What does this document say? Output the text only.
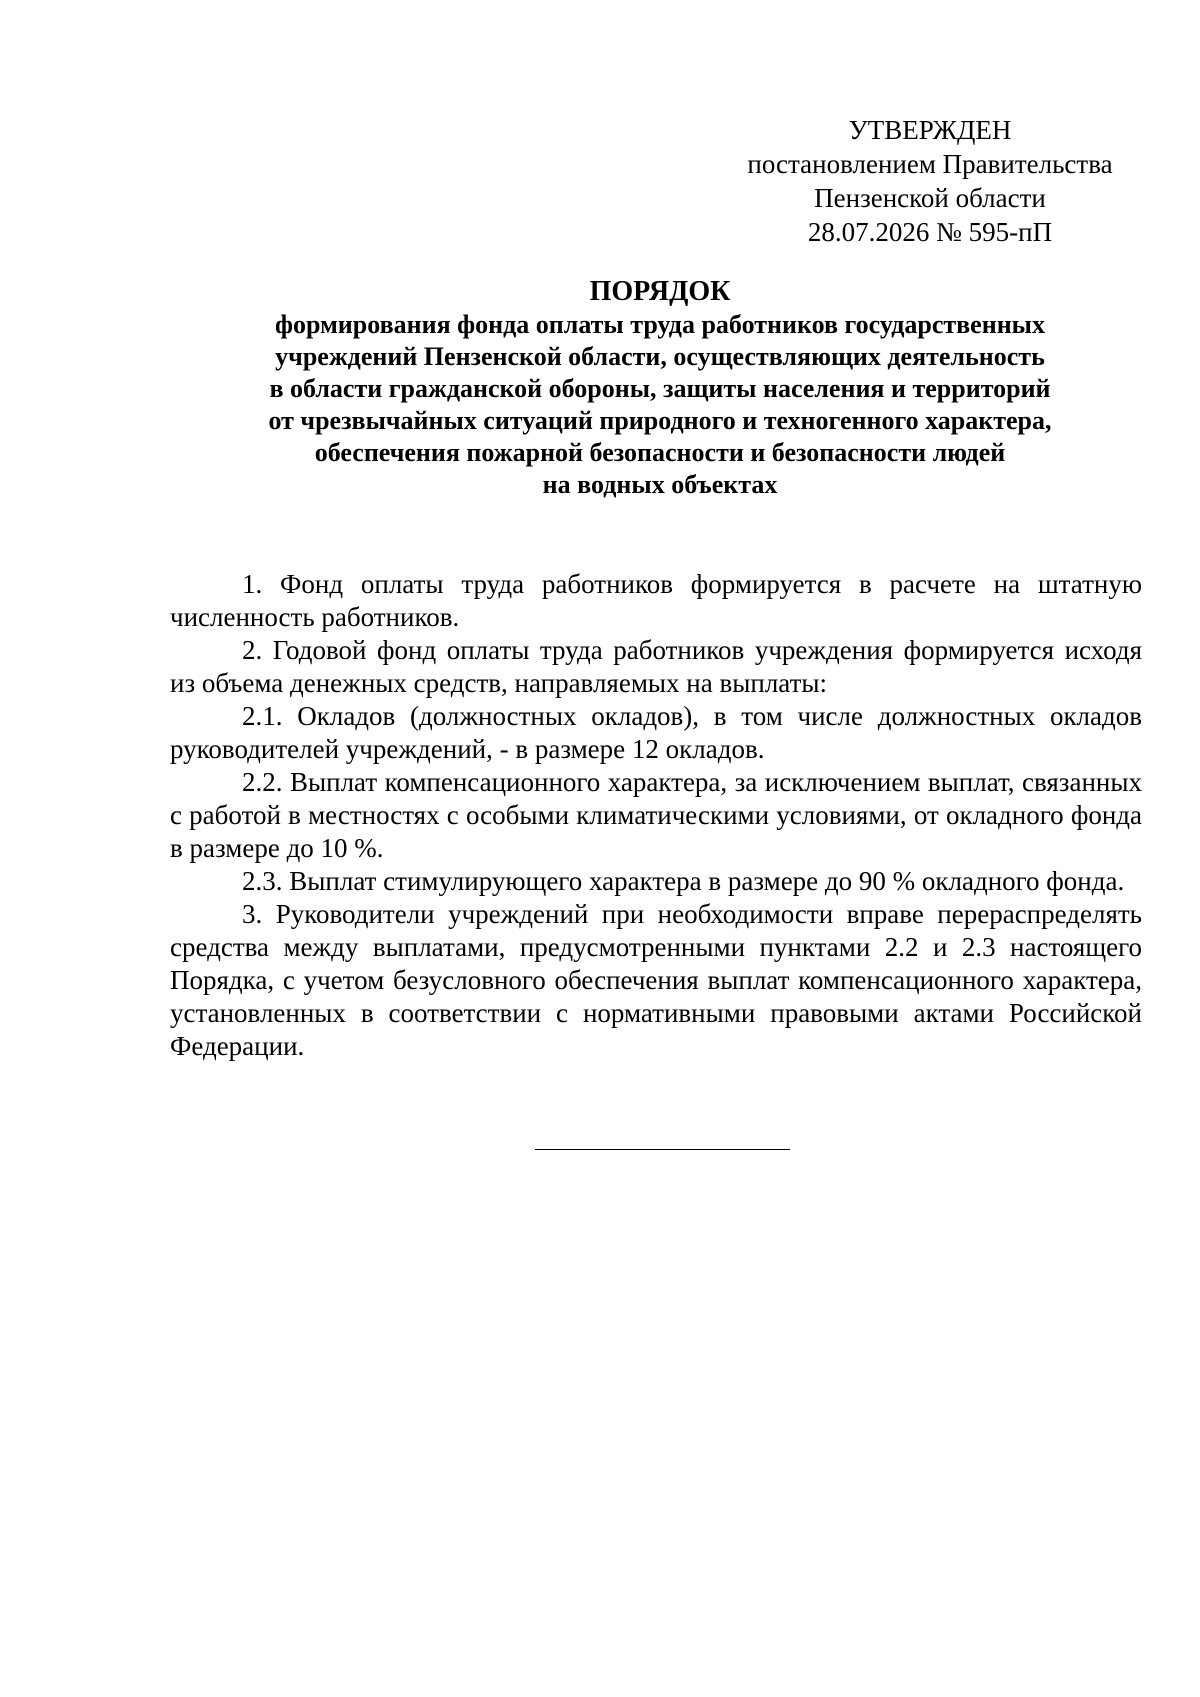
УТВЕРЖДЕН
постановлением Правительства
Пензенской области
28.07.2026 № 595-пП

ПОРЯДОК

формирования фонда оплаты труда работников государственных
учреждений Пензенской области, осуществляющих деятельность
в области гражданской обороны, защиты населения и территорий
от чрезвычайных ситуаций природного и техногенного характера,
обеспечения пожарной безопасности и безопасности людей
на водных объектах

1. Фонд оплаты труда работников формируется в расчете на штатную численность работников.

2. Годовой фонд оплаты труда работников учреждения формируется исходя из объема денежных средств, направляемых на выплаты:

2.1. Окладов (должностных окладов), в том числе должностных окладов руководителей учреждений, - в размере 12 окладов.

2.2. Выплат компенсационного характера, за исключением выплат, связанных с работой в местностях с особыми климатическими условиями, от окладного фонда в размере до 10 %.

2.3. Выплат стимулирующего характера в размере до 90 % окладного фонда.

3. Руководители учреждений при необходимости вправе перераспределять средства между выплатами, предусмотренными пунктами 2.2 и 2.3 настоящего Порядка, с учетом безусловного обеспечения выплат компенсационного характера, установленных в соответствии с нормативными правовыми актами Российской Федерации.
